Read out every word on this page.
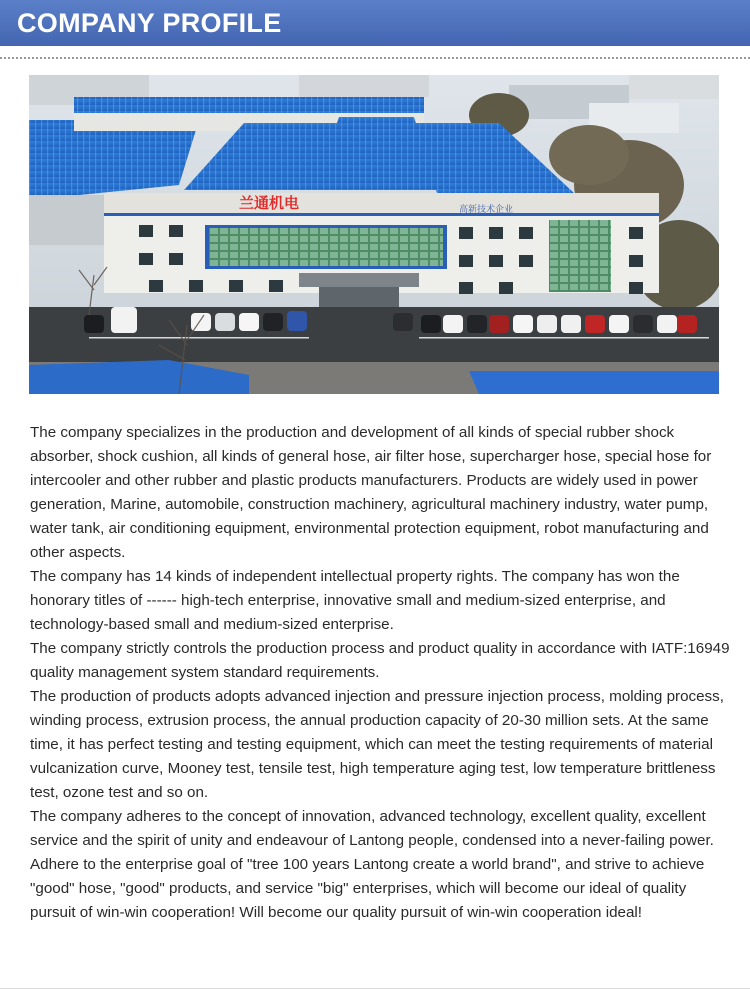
COMPANY PROFILE
兰通机电	高新技术企业

The company specializes in the production and development of all kinds of special rubber shock absorber, shock cushion, all kinds of general hose, air filter hose, supercharger hose, special hose for intercooler and other rubber and plastic products manufacturers. Products are widely used in power generation, Marine, automobile, construction machinery, agricultural machinery industry, water pump, water tank, air conditioning equipment, environmental protection equipment, robot manufacturing and other aspects.

The company has 14 kinds of independent intellectual property rights. The company has won the honorary titles of ------ high-tech enterprise, innovative small and medium-sized enterprise, and technology-based small and medium-sized enterprise.

The company strictly controls the production process and product quality in accordance with IATF:16949 quality management system standard requirements.

The production of products adopts advanced injection and pressure injection process, molding process, winding process, extrusion process, the annual production capacity of 20-30 million sets. At the same time, it has perfect testing and testing equipment, which can meet the testing requirements of material vulcanization curve, Mooney test, tensile test, high temperature aging test, low temperature brittleness test, ozone test and so on.

The company adheres to the concept of innovation, advanced technology, excellent quality, excellent service and the spirit of unity and endeavour of Lantong people, condensed into a never-failing power. Adhere to the enterprise goal of "tree 100 years Lantong create a world brand", and strive to achieve "good" hose, "good" products, and service "big" enterprises, which will become our ideal of quality pursuit of win-win cooperation! Will become our quality pursuit of win-win cooperation ideal!
